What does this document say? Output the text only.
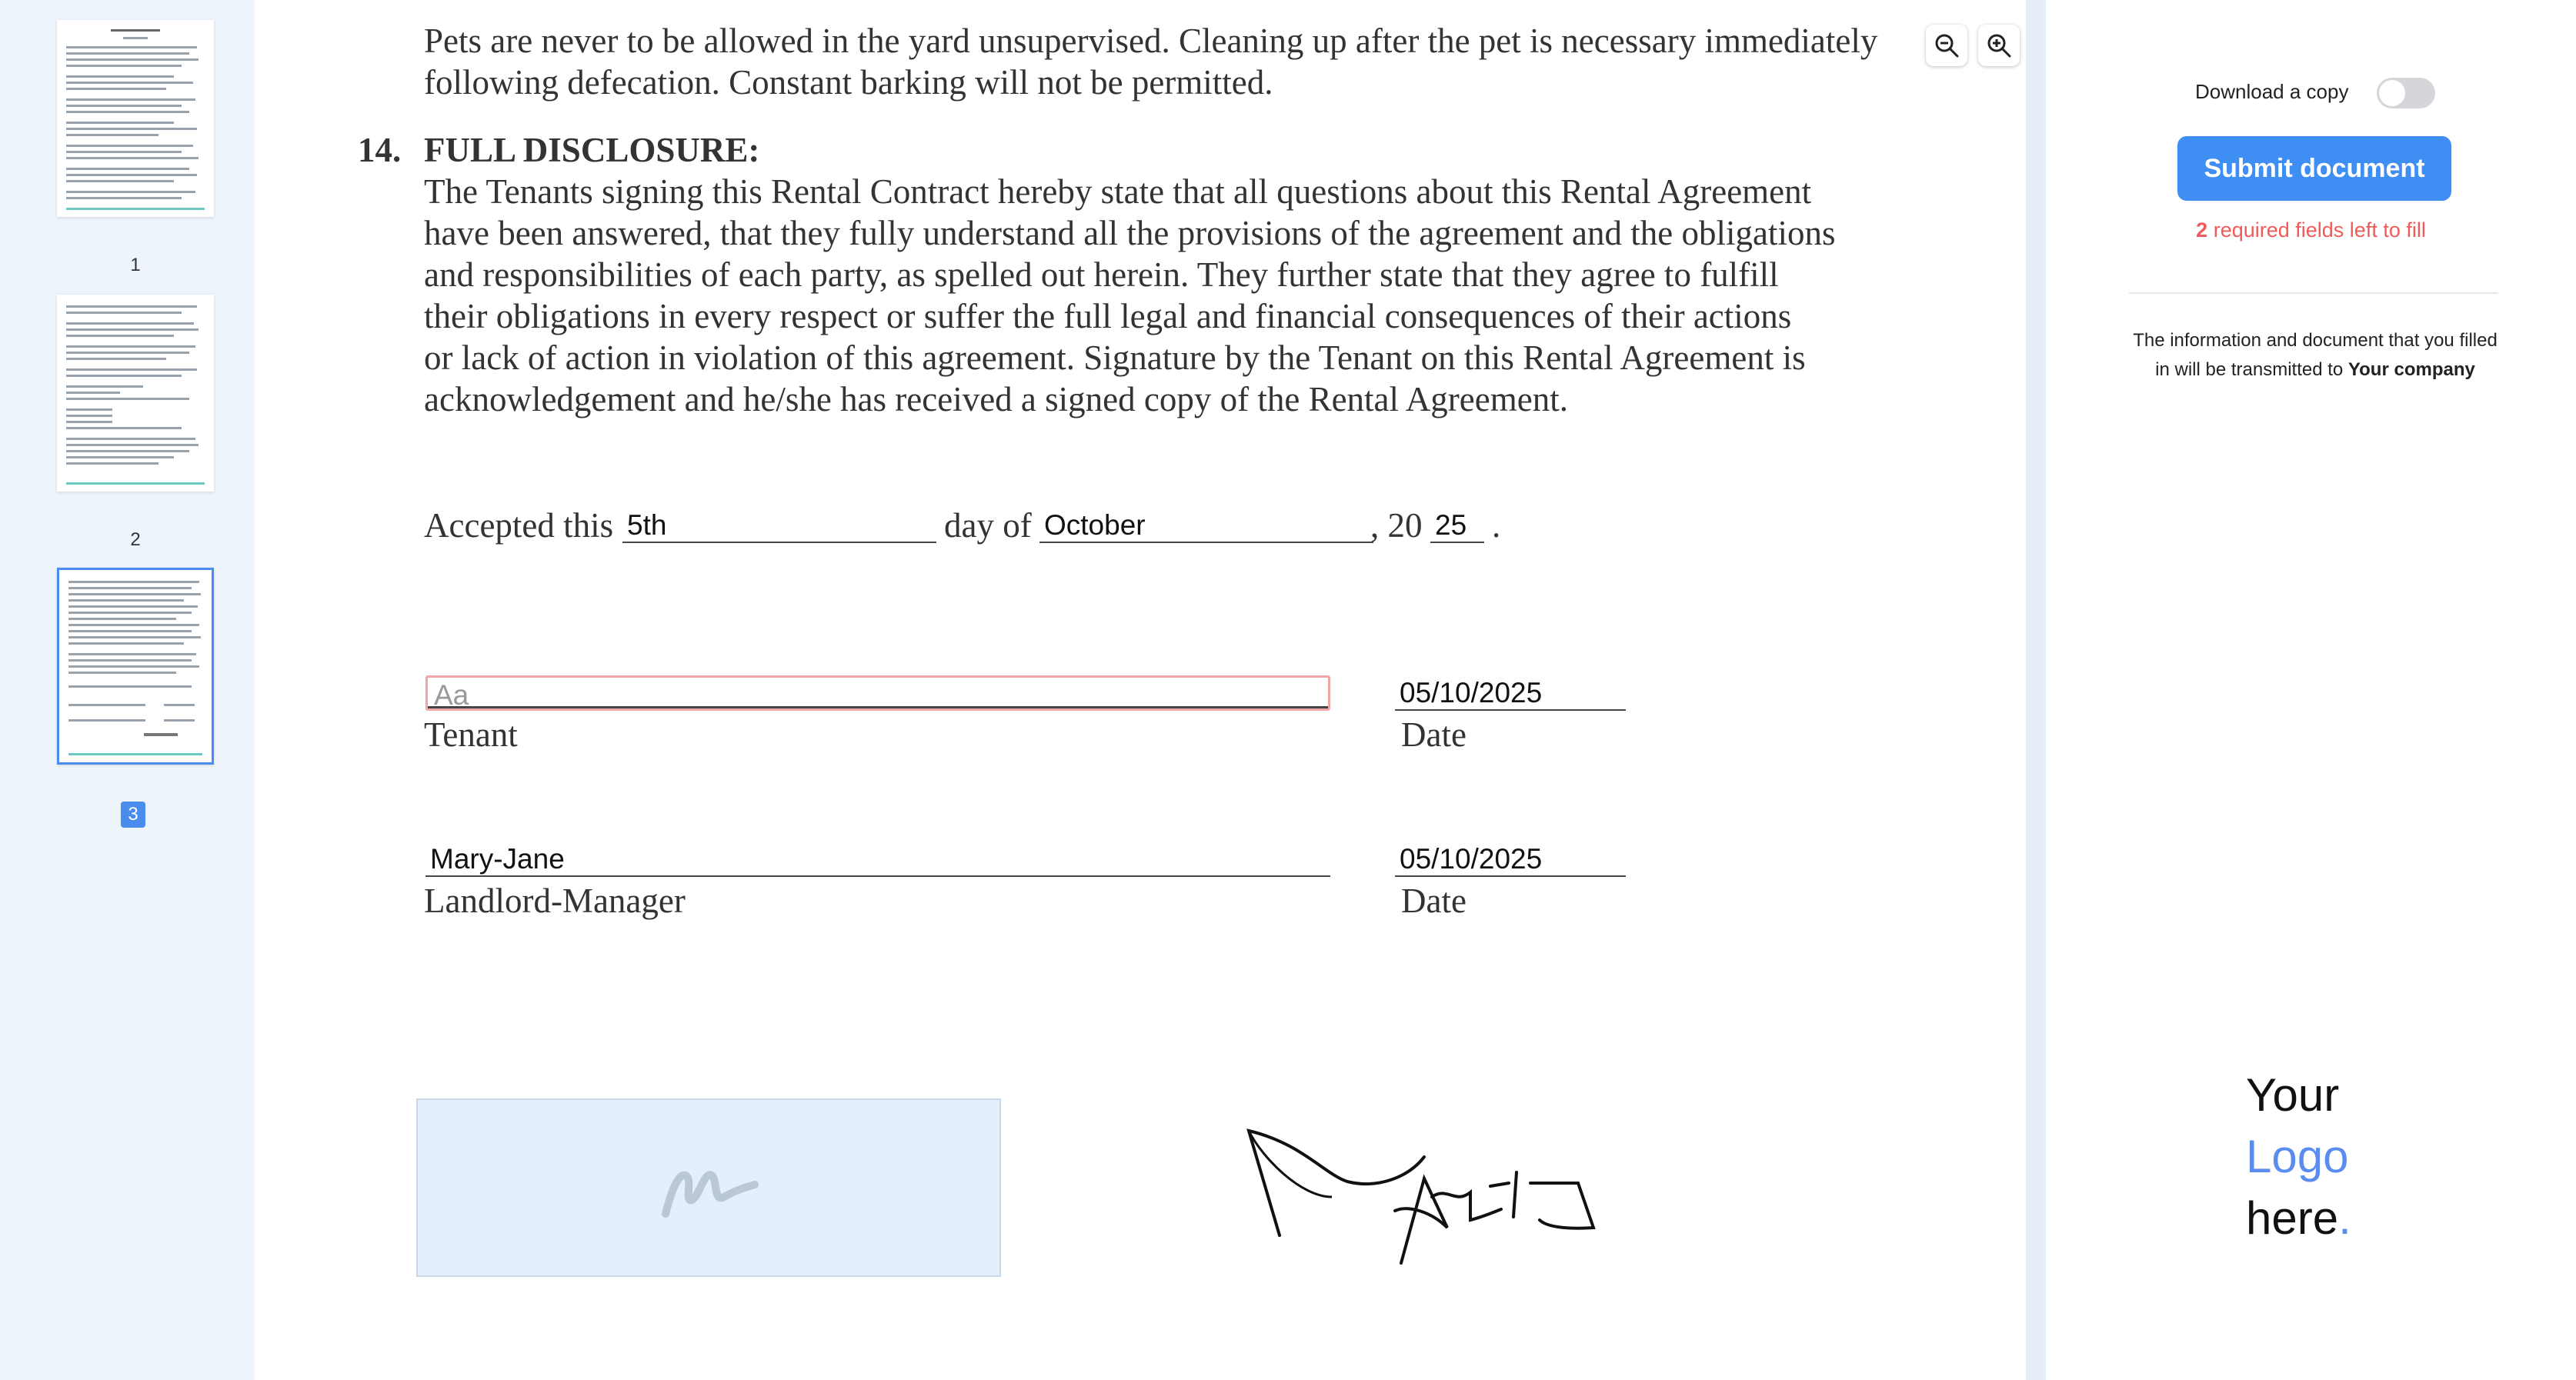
1
2
3
Pets are never to be allowed in the yard unsupervised. Cleaning up after the pet is necessary immediately
following defecation. Constant barking will not be permitted.
14. FULL DISCLOSURE:
The Tenants signing this Rental Contract hereby state that all questions about this Rental Agreement
have been answered, that they fully understand all the provisions of the agreement and the obligations
and responsibilities of each party, as spelled out herein. They further state that they agree to fulfill
their obligations in every respect or suffer the full legal and financial consequences of their actions
or lack of action in violation of this agreement. Signature by the Tenant on this Rental Agreement is
acknowledgement and he/she has received a signed copy of the Rental Agreement.
Accepted this 5th	day of October	, 20 25 .
Aa
Tenant
05/10/2025
Date
Mary-Jane
Landlord-Manager
05/10/2025
Date
Download a copy
Submit document
2 required fields left to fill
The information and document that you filled in will be transmitted to Your company
Your
Logo
here.
